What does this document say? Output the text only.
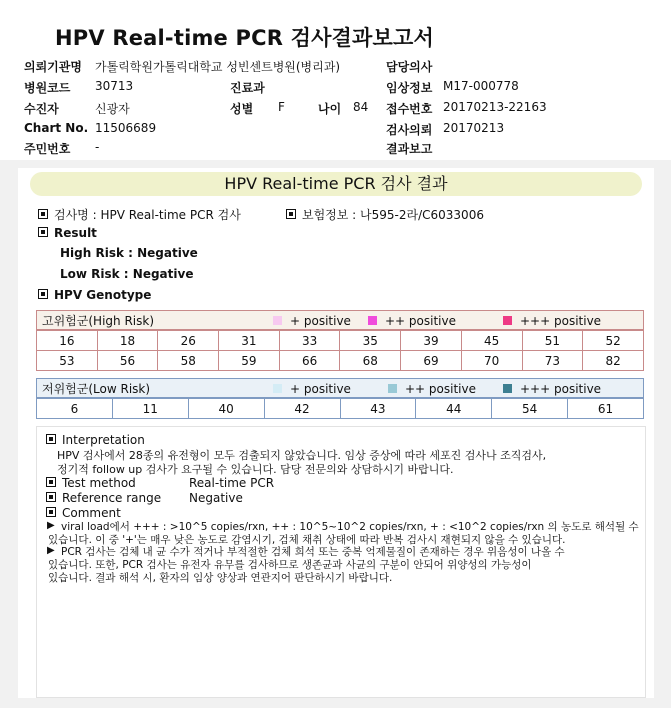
HPV Real-time PCR 검사결과보고서
의뢰기관명 가톨릭학원가톨릭대학교 성빈센트병원(병리과)
병원코드 30713
수진자	신광자
Chart No. 11506689
주민번호 -
진료과
성별 F	나이 84
담당의사
임상정보 M17-000778
접수번호 20170213-22163
검사의뢰 20170213
결과보고
HPV Real-time PCR 검사 결과
검사명 : HPV Real-time PCR 검사	보험정보 : 나595-2라/C6033006
Result
High Risk : Negative
Low Risk : Negative
HPV Genotype
고위험군(High Risk)	+ positive	++ positive	+++ positive
16	18	26	31	33	35	39	45	51	52
53	56	58	59	66	68	69	70	73	82
저위험군(Low Risk)	+ positive	++ positive	+++ positive
6	11	40	42	43	44	54	61
Interpretation
HPV 검사에서 28종의 유전형이 모두 검출되지 않았습니다. 임상 증상에 따라 세포진 검사나 조직검사,
정기적 follow up 검사가 요구될 수 있습니다. 담당 전문의와 상담하시기 바랍니다.
Test method	Real-time PCR
Reference range Negative
Comment
▶ viral load에서 +++ : >10^5 copies/rxn, ++ : 10^5~10^2 copies/rxn, + : <10^2 copies/rxn 의 농도로 해석될 수
있습니다. 이 중 '+'는 매우 낮은 농도로 감염시기, 검체 채취 상태에 따라 반복 검사시 재현되지 않을 수 있습니다.
▶ PCR 검사는 검체 내 균 수가 적거나 부적절한 검체 희석 또는 중복 억제물질이 존재하는 경우 위음성이 나올 수
있습니다. 또한, PCR 검사는 유전자 유무를 검사하므로 생존균과 사균의 구분이 안되어 위양성의 가능성이
있습니다. 결과 해석 시, 환자의 임상 양상과 연관지어 판단하시기 바랍니다.
